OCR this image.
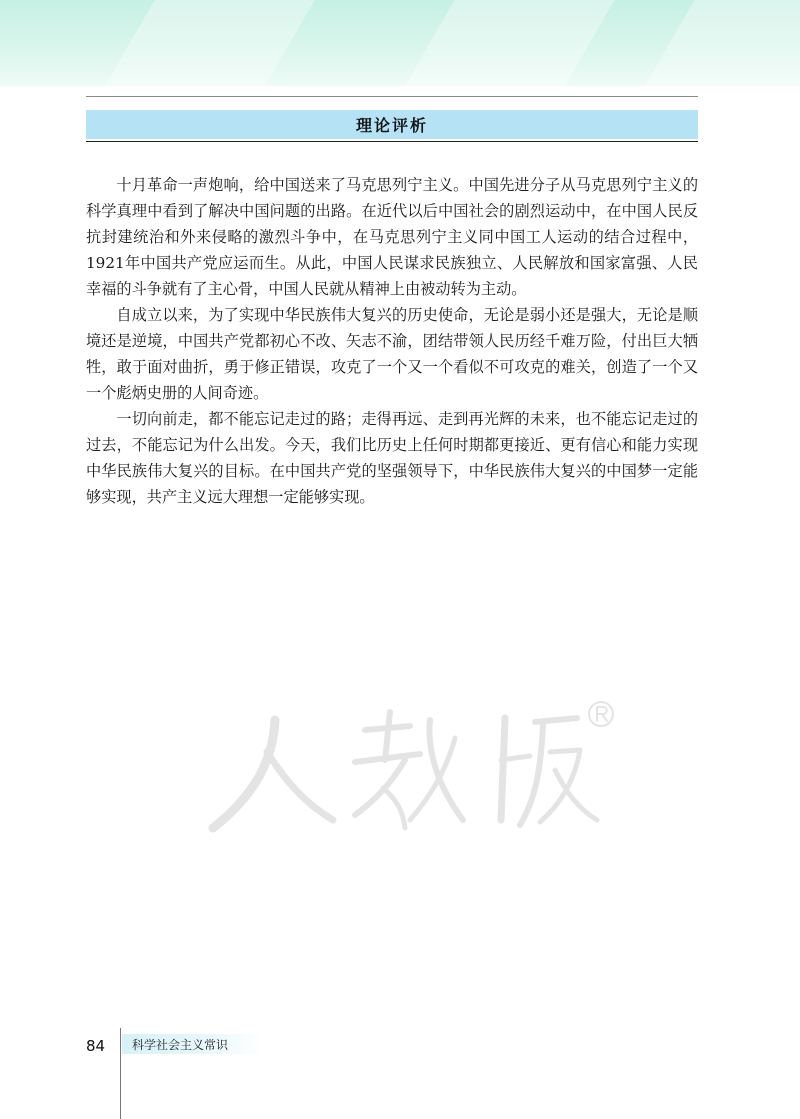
理论评析

十月革命一声炮响，给中国送来了马克思列宁主义。中国先进分子从马克思列宁主义的科学真理中看到了解决中国问题的出路。在近代以后中国社会的剧烈运动中，在中国人民反抗封建统治和外来侵略的激烈斗争中，在马克思列宁主义同中国工人运动的结合过程中，1921年中国共产党应运而生。从此，中国人民谋求民族独立、人民解放和国家富强、人民幸福的斗争就有了主心骨，中国人民就从精神上由被动转为主动。

自成立以来，为了实现中华民族伟大复兴的历史使命，无论是弱小还是强大，无论是顺境还是逆境，中国共产党都初心不改、矢志不渝，团结带领人民历经千难万险，付出巨大牺牲，敢于面对曲折，勇于修正错误，攻克了一个又一个看似不可攻克的难关，创造了一个又一个彪炳史册的人间奇迹。

一切向前走，都不能忘记走过的路；走得再远、走到再光辉的未来，也不能忘记走过的过去，不能忘记为什么出发。今天，我们比历史上任何时期都更接近、更有信心和能力实现中华民族伟大复兴的目标。在中国共产党的坚强领导下，中华民族伟大复兴的中国梦一定能够实现，共产主义远大理想一定能够实现。

84	科学社会主义常识
